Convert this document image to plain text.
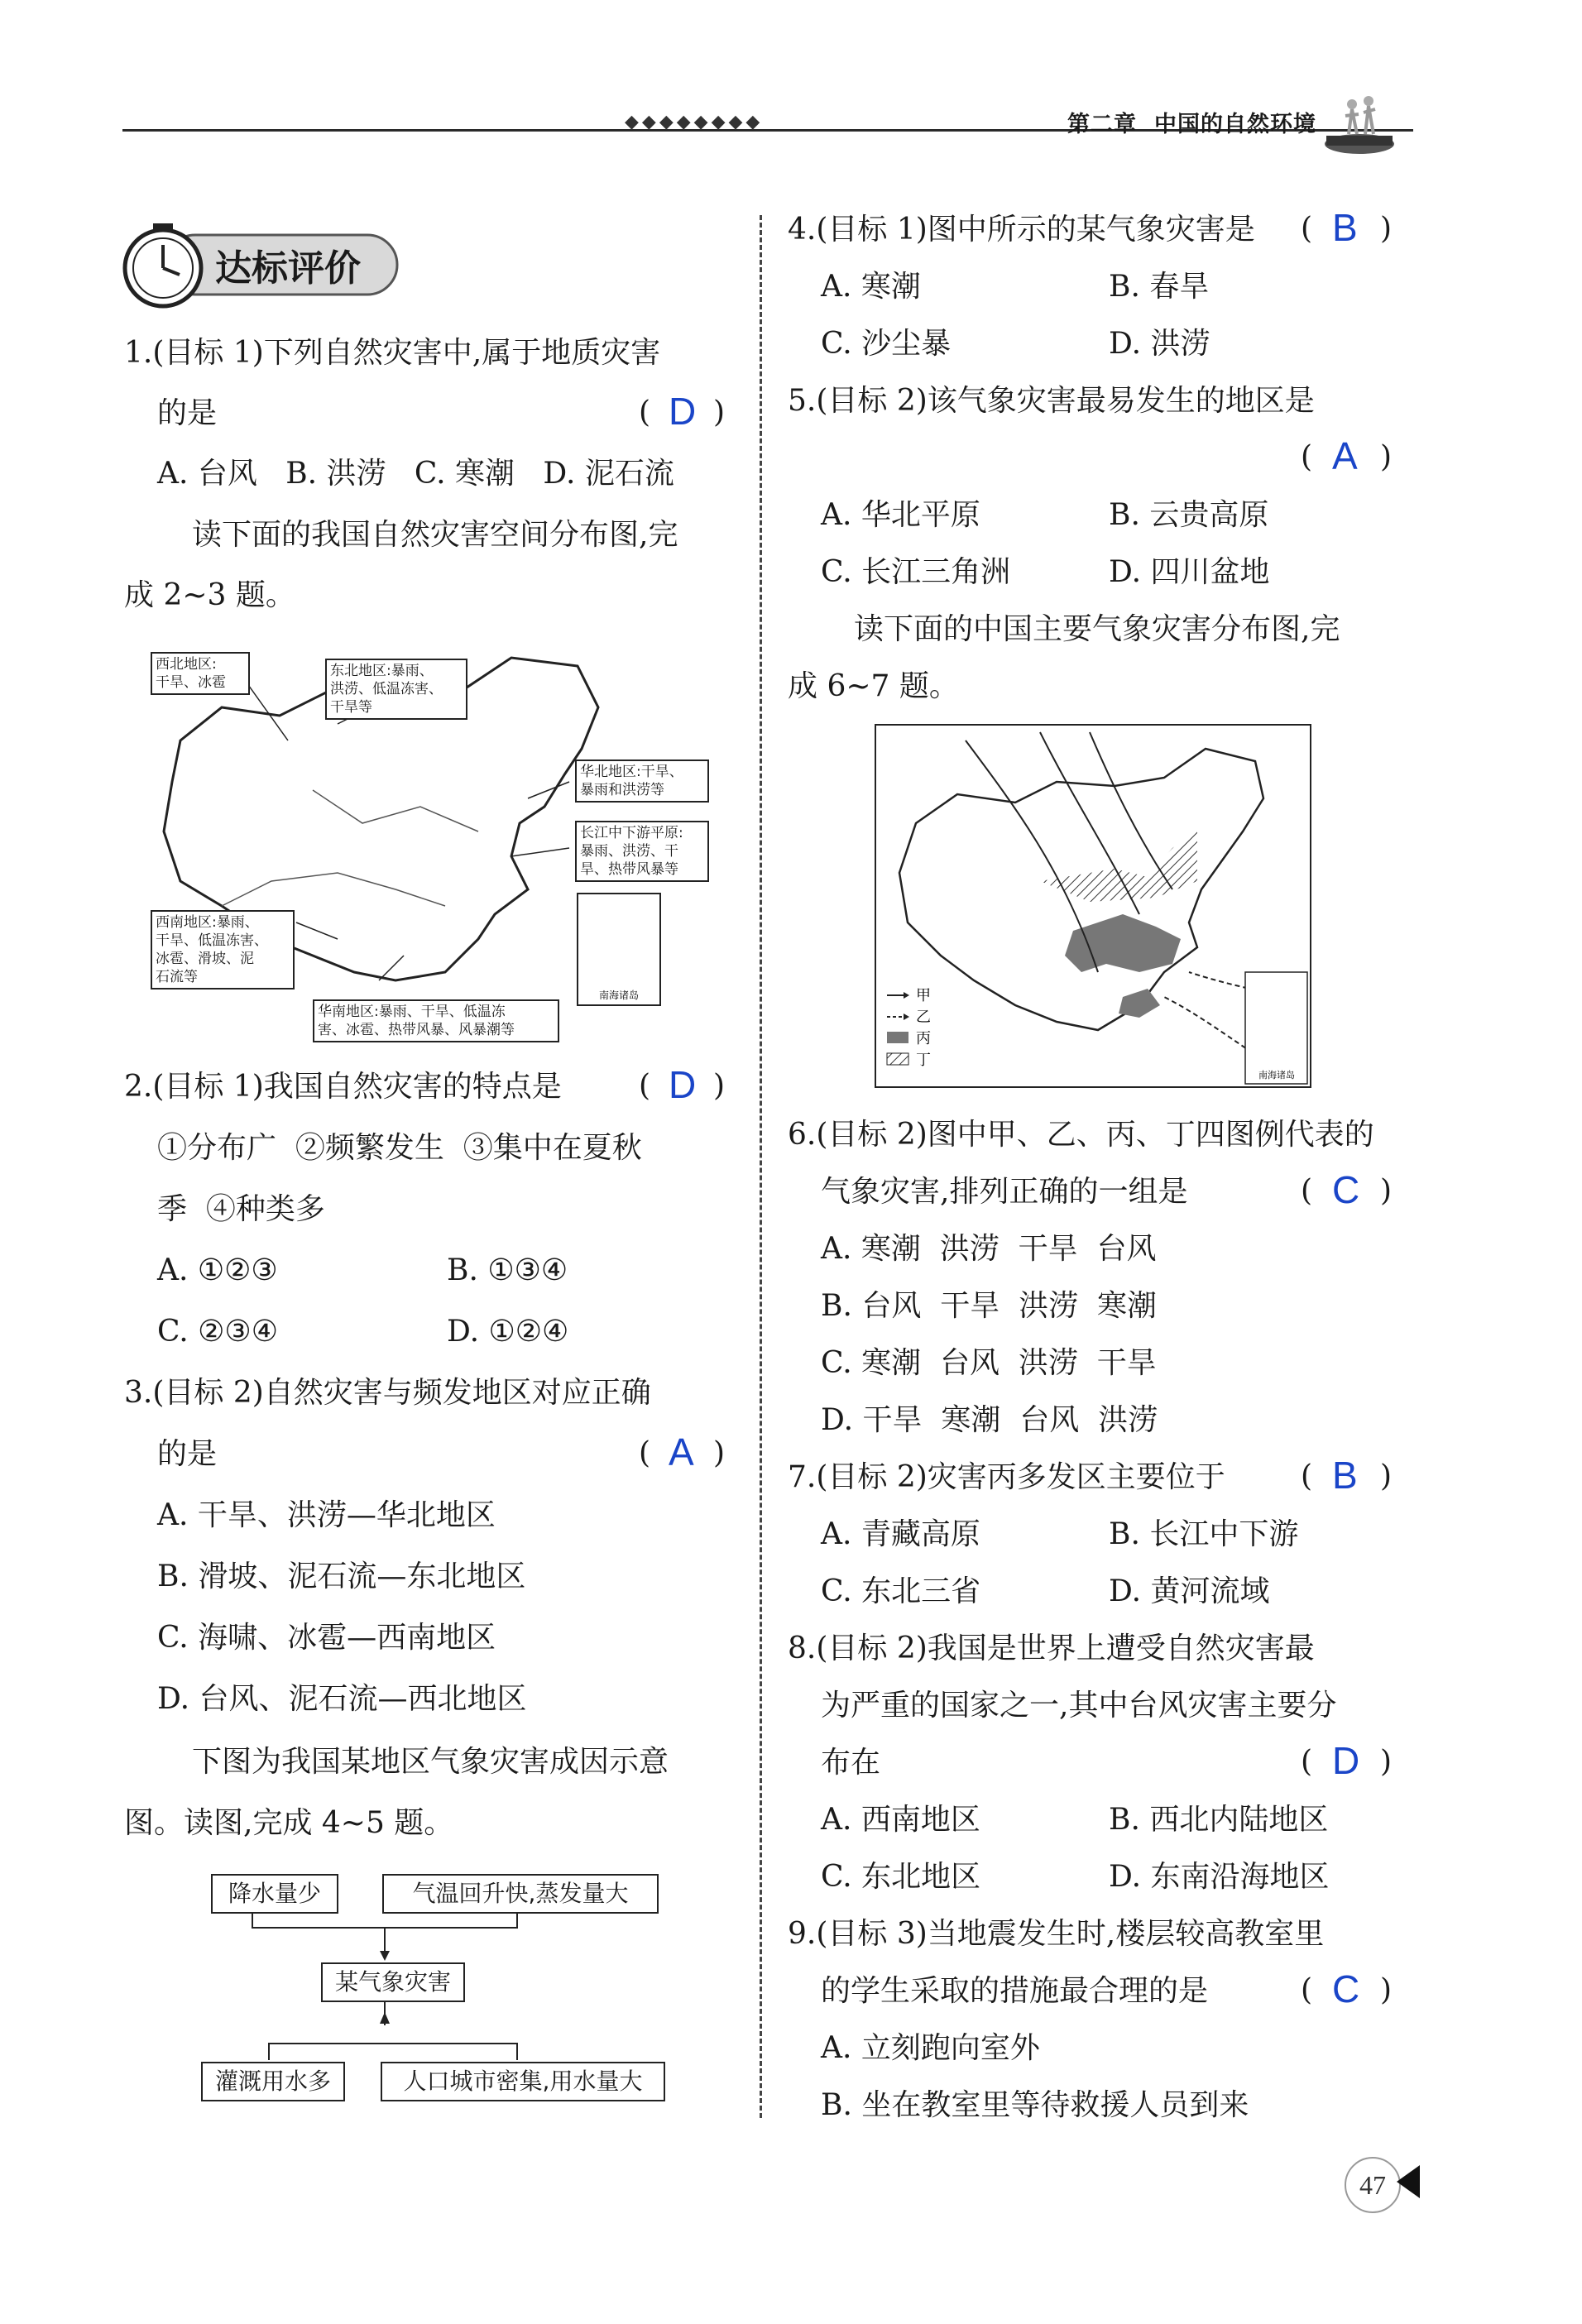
◆◆◆◆◆◆◆◆	第二章 中国的自然环境
达标评价
1.(目标 1)下列自然灾害中,属于地质灾害
的是	( D )
A. 台风   B. 洪涝   C. 寒潮   D. 泥石流
读下面的我国自然灾害空间分布图,完
成 2~3 题。
南海诸岛
西北地区:
干旱、冰雹
东北地区:暴雨、
洪涝、低温冻害、
干旱等
华北地区:干旱、
暴雨和洪涝等
长江中下游平原:
暴雨、洪涝、干
旱、热带风暴等
西南地区:暴雨、
干旱、低温冻害、
冰雹、滑坡、泥
石流等
华南地区:暴雨、干旱、低温冻
害、冰雹、热带风暴、风暴潮等
2.(目标 1)我国自然灾害的特点是	( D )
①分布广  ②频繁发生  ③集中在夏秋
季  ④种类多
A. ①②③	B. ①③④
C. ②③④	D. ①②④
3.(目标 2)自然灾害与频发地区对应正确
的是	( A )
A. 干旱、洪涝—华北地区
B. 滑坡、泥石流—东北地区
C. 海啸、冰雹—西南地区
D. 台风、泥石流—西北地区
下图为我国某地区气象灾害成因示意
图。读图,完成 4~5 题。
降水量少	气温回升快,蒸发量大
某气象灾害
灌溉用水多	人口城市密集,用水量大
4.(目标 1)图中所示的某气象灾害是 ( B )
A. 寒潮	B. 春旱
C. 沙尘暴	D. 洪涝
5.(目标 2)该气象灾害最易发生的地区是
( A )
A. 华北平原	B. 云贵高原
C. 长江三角洲	D. 四川盆地
读下面的中国主要气象灾害分布图,完
成 6~7 题。
南海诸岛
甲
乙
丙
丁
6.(目标 2)图中甲、乙、丙、丁四图例代表的
气象灾害,排列正确的一组是	( C )
A. 寒潮  洪涝  干旱  台风
B. 台风  干旱  洪涝  寒潮
C. 寒潮  台风  洪涝  干旱
D. 干旱  寒潮  台风  洪涝
7.(目标 2)灾害丙多发区主要位于	( B )
A. 青藏高原	B. 长江中下游
C. 东北三省	D. 黄河流域
8.(目标 2)我国是世界上遭受自然灾害最
为严重的国家之一,其中台风灾害主要分
布在	( D )
A. 西南地区	B. 西北内陆地区
C. 东北地区	D. 东南沿海地区
9.(目标 3)当地震发生时,楼层较高教室里
的学生采取的措施最合理的是	( C )
A. 立刻跑向室外
B. 坐在教室里等待救援人员到来
47
